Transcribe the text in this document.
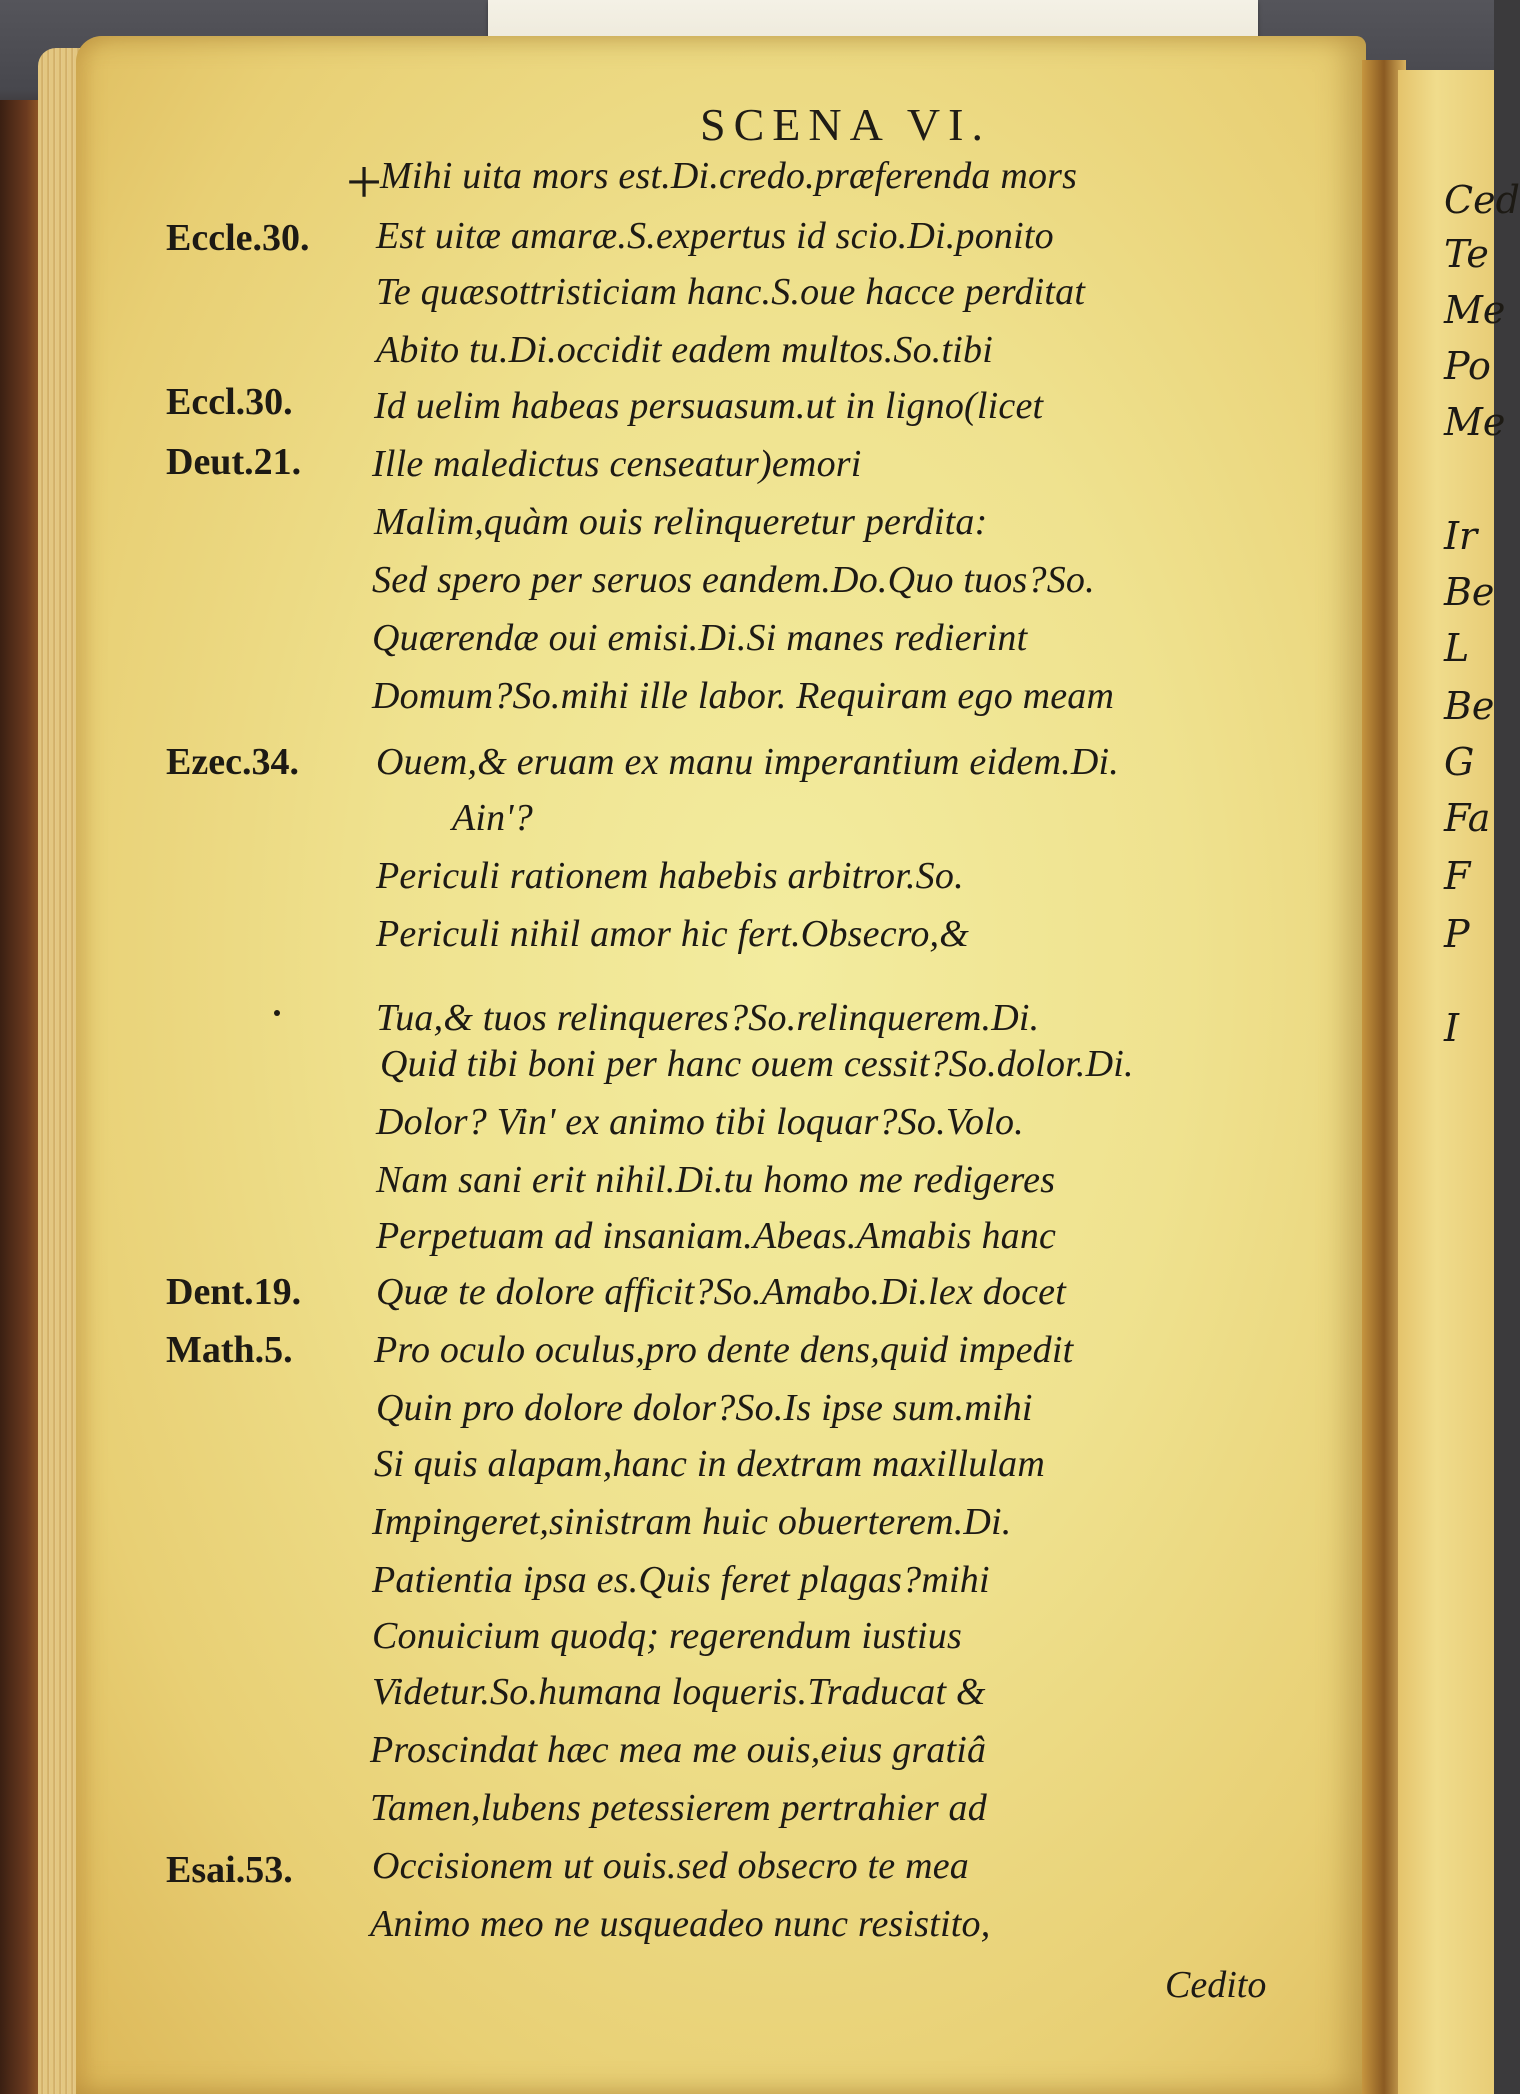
Ced
Te
Me
Po
Me
Ir
Be
L
Be
G
Fa
F
P
I
SCENA VI.
+
Eccle.30.
Eccl.30.
Deut.21.
Ezec.34.
Dent.19.
Math.5.
Esai.53.
Mihi uita mors est.Di.credo.præferenda mors
Est uitæ amaræ.S.expertus id scio.Di.ponito
Te quæsottristiciam hanc.S.oue hacce perditat
Abito tu.Di.occidit eadem multos.So.tibi
Id uelim habeas persuasum.ut in ligno(licet
Ille maledictus censeatur)emori
Malim,quàm ouis relinqueretur perdita:
Sed spero per seruos eandem.Do.Quo tuos?So.
Quærendæ oui emisi.Di.Si manes redierint
Domum?So.mihi ille labor. Requiram ego meam
Ouem,& eruam ex manu imperantium eidem.Di.
Ain'?
Periculi rationem habebis arbitror.So.
Periculi nihil amor hic fert.Obsecro,&
Tua,& tuos relinqueres?So.relinquerem.Di.
Quid tibi boni per hanc ouem cessit?So.dolor.Di.
Dolor? Vin' ex animo tibi loquar?So.Volo.
Nam sani erit nihil.Di.tu homo me redigeres
Perpetuam ad insaniam.Abeas.Amabis hanc
Quæ te dolore afficit?So.Amabo.Di.lex docet
Pro oculo oculus,pro dente dens,quid impedit
Quin pro dolore dolor?So.Is ipse sum.mihi
Si quis alapam,hanc in dextram maxillulam
Impingeret,sinistram huic obuerterem.Di.
Patientia ipsa es.Quis feret plagas?mihi
Conuicium quodq; regerendum iustius
Videtur.So.humana loqueris.Traducat &
Proscindat hæc mea me ouis,eius gratiâ
Tamen,lubens petessierem pertrahier ad
Occisionem ut ouis.sed obsecro te mea
Animo meo ne usqueadeo nunc resistito,
Cedito
